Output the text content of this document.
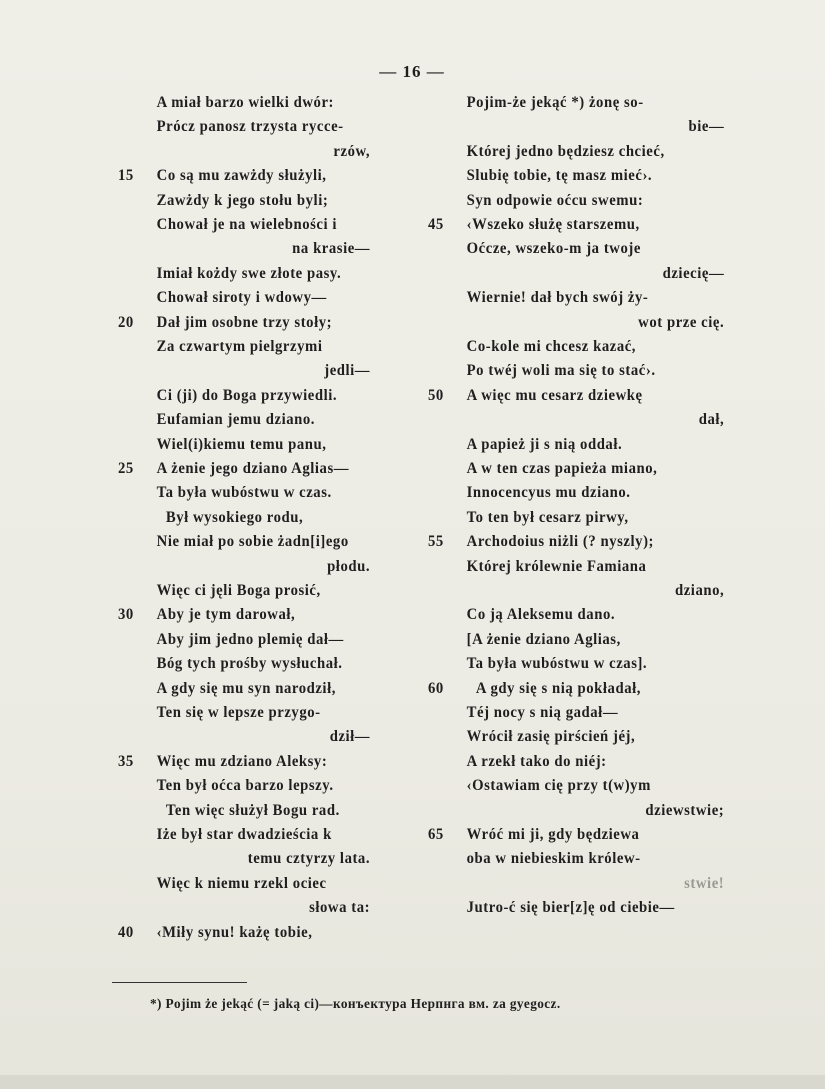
— 16 —
A miał barzo wielki dwór:
Prócz panosz trzysta rycce-
rzów,
15	Co są mu zawżdy służyli,
Zawżdy k jego stołu byli;
Chował je na wielebności i
na krasie—
Imiał kożdy swe złote pasy.
Chował siroty i wdowy—
20	Dał jim osobne trzy stoły;
Za czwartym pielgrzymi
jedli—
Ci (ji) do Boga przywiedli.
Eufamian jemu dziano.
Wiel(i)kiemu temu panu,
25	A żenie jego dziano Aglias—
Ta była wubóstwu w czas.
Był wysokiego rodu,
Nie miał po sobie żadn[i]ego
płodu.
Więc ci jęli Boga prosić,
30	Aby je tym darował,
Aby jim jedno plemię dał—
Bóg tych prośby wysłuchał.
A gdy się mu syn narodził,
Ten się w lepsze przygo-
dził—
35	Więc mu zdziano Aleksy:
Ten był oćca barzo lepszy.
Ten więc służył Bogu rad.
Iże był star dwadzieścia k
temu cztyrzy lata.
Więc k niemu rzekl ociec
słowa ta:
40	‹Miły synu! każę tobie,
Pojim-że jekąć *) żonę so-
bie—
Której jedno będziesz chcieć,
Slubię tobie, tę masz mieć›.
Syn odpowie oćcu swemu:
45	‹Wszeko służę starszemu,
Oćcze, wszeko-m ja twoje
dziecię—
Wiernie! dał bych swój ży-
wot prze cię.
Co-kole mi chcesz kazać,
Po twéj woli ma się to stać›.
50	A więc mu cesarz dziewkę
dał,
A papież ji s nią oddał.
A w ten czas papieża miano,
Innocencyus mu dziano.
To ten był cesarz pirwy,
55	Archodoius niżli (? nyszly);
Której królewnie Famiana
dziano,
Co ją Aleksemu dano.
[A żenie dziano Aglias,
Ta była wubóstwu w czas].
60	A gdy się s nią pokładał,
Téj nocy s nią gadał—
Wrócił zasię pirścień jéj,
A rzekł tako do niéj:
‹Ostawiam cię przy t(w)ym
dziewstwie;
65	Wróć mi ji, gdy będziewa
oba w niebieskim królew-
stwie!
Jutro-ć się bier[z]ę od ciebie—
*) Pojim że jekąć (= jaką ci)—конъектура Нерпнга вм. za gyegocz.
